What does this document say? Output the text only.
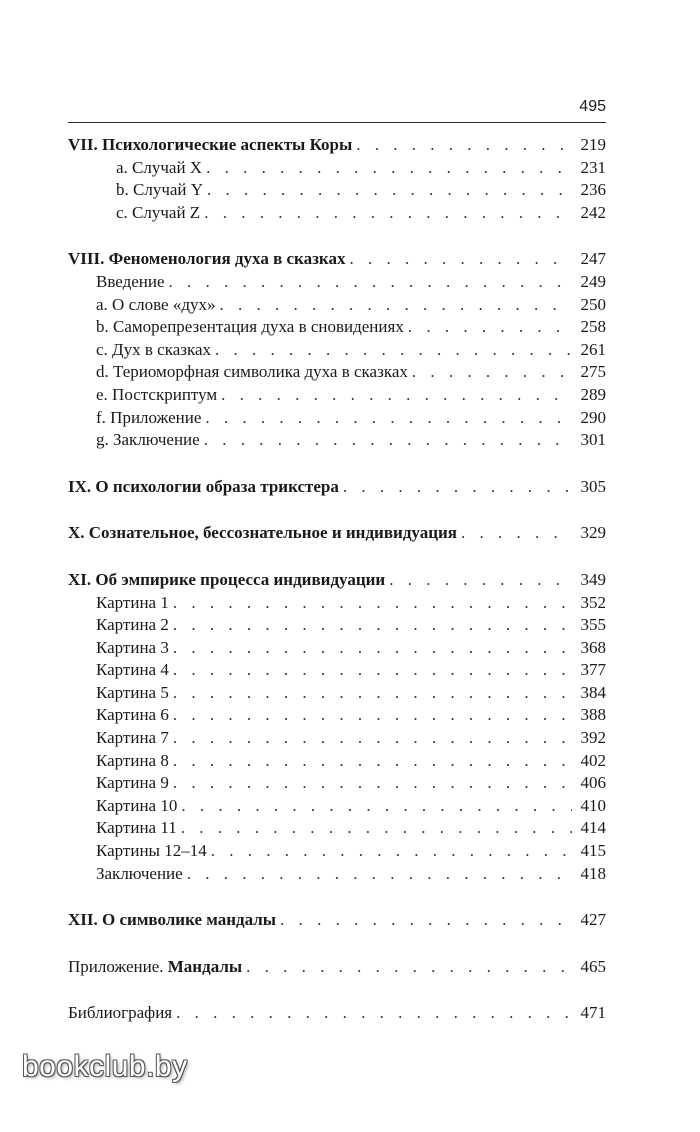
495
VII. Психологические аспекты Коры . . .	219
a. Случай X . . .	231
b. Случай Y . . .	236
c. Случай Z . . .	242
VIII. Феноменология духа в сказках . . .	247
Введение . . .	249
a. О слове «дух» . . .	250
b. Саморепрезентация духа в сновидениях . . .	258
c. Дух в сказках . . .	261
d. Териоморфная символика духа в сказках . . .	275
e. Постскриптум . . .	289
f. Приложение . . .	290
g. Заключение . . .	301
IX. О психологии образа трикстера . . .	305
X. Сознательное, бессознательное и индивидуация . . .	329
XI. Об эмпирике процесса индивидуации . . .	349
Картина 1 . . .	352
Картина 2 . . .	355
Картина 3 . . .	368
Картина 4 . . .	377
Картина 5 . . .	384
Картина 6 . . .	388
Картина 7 . . .	392
Картина 8 . . .	402
Картина 9 . . .	406
Картина 10 . . .	410
Картина 11 . . .	414
Картины 12–14 . . .	415
Заключение . . .	418
XII. О символике мандалы . . .	427
Приложение. Мандалы . . .	465
Библиография . . .	471
bookclub.by
